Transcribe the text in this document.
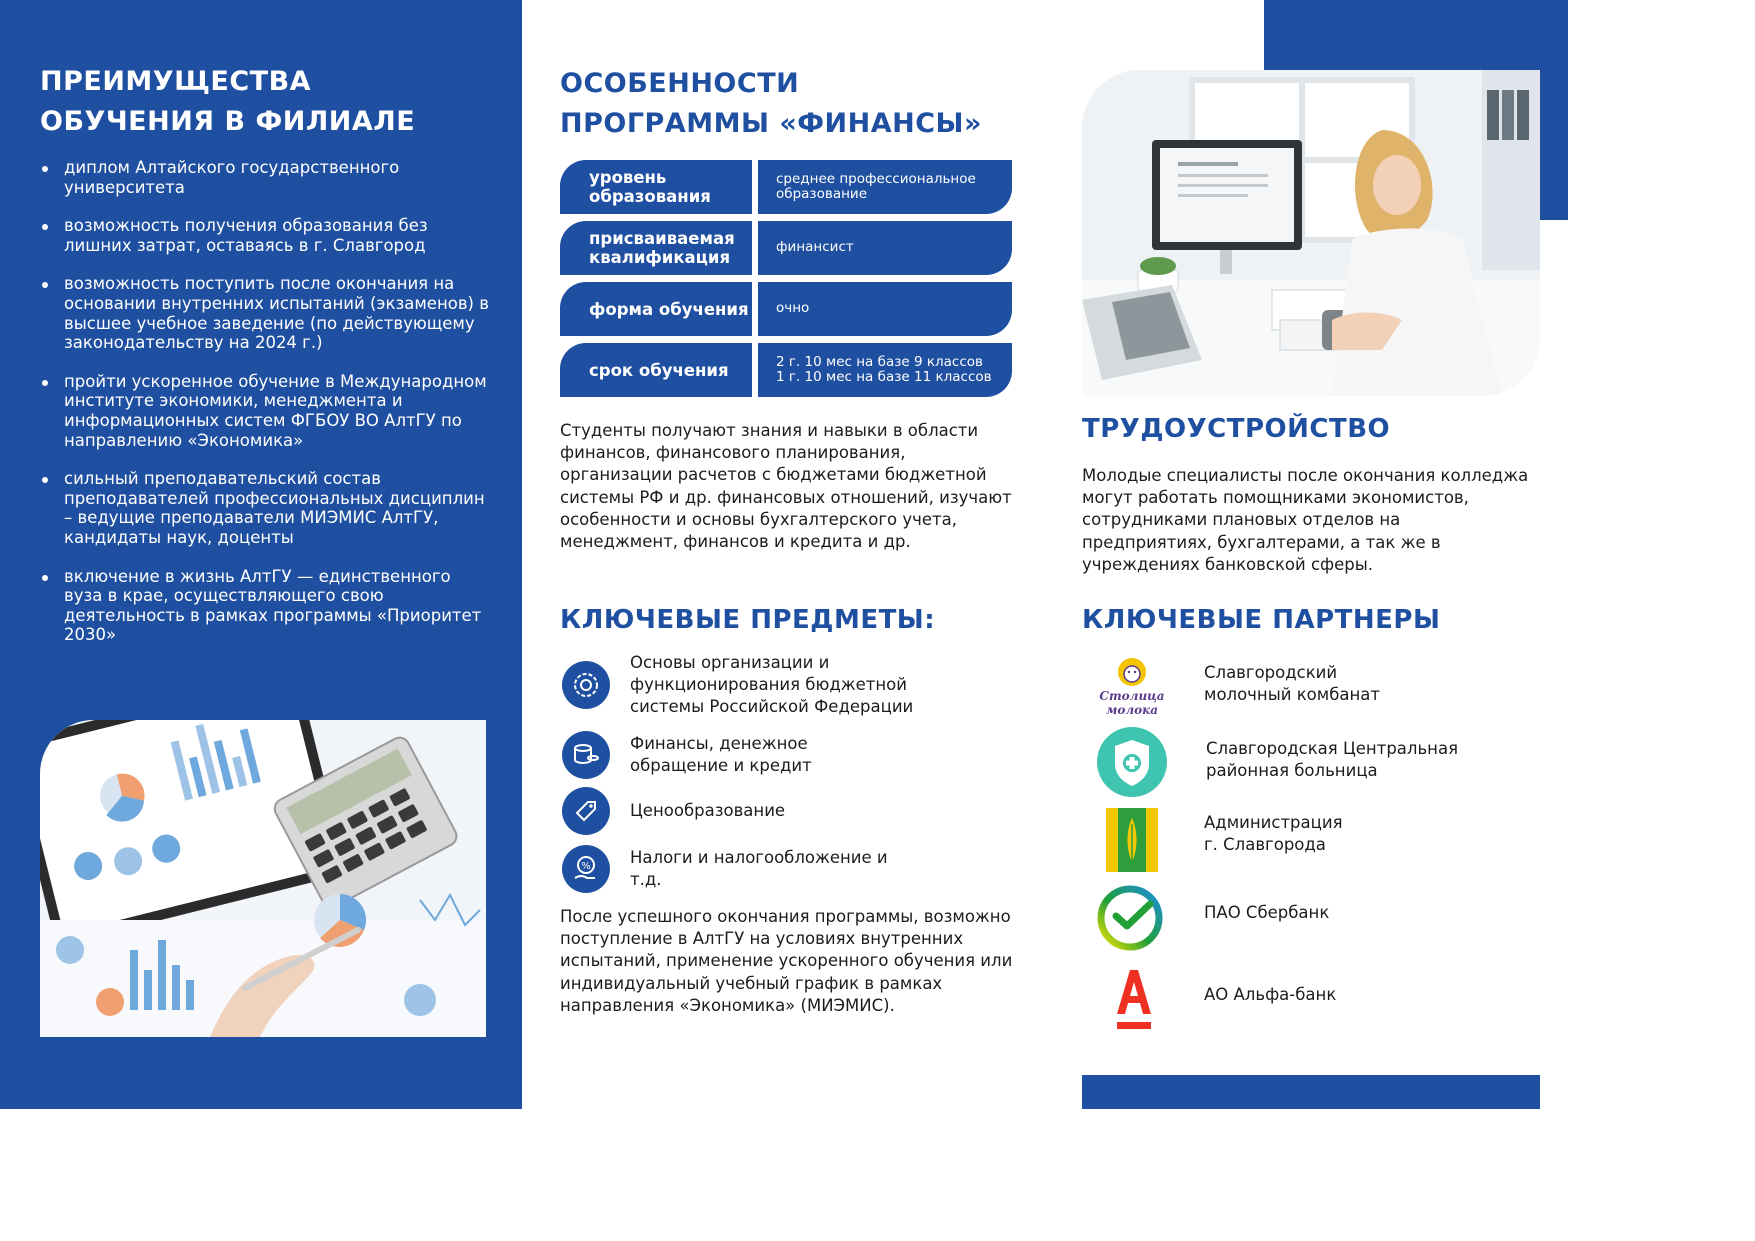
ПРЕИМУЩЕСТВА
ОБУЧЕНИЯ В ФИЛИАЛЕ
диплом Алтайского государственного университета
возможность получения образования без лишних затрат, оставаясь в г. Славгород
возможность поступить после окончания на основании внутренних испытаний (экзаменов) в высшее учебное заведение (по действующему законодательству на 2024 г.)
пройти ускоренное обучение в Международном институте экономики, менеджмента и информационных систем ФГБОУ ВО АлтГУ по направлению «Экономика»
сильный преподавательский состав преподавателей профессиональных дисциплин – ведущие преподаватели МИЭМИС АлтГУ, кандидаты наук, доценты
включение в жизнь АлтГУ — единственного вуза в крае, осуществляющего свою деятельность в рамках программы «Приоритет 2030»
ОСОБЕННОСТИ
ПРОГРАММЫ «ФИНАНСЫ»
уровень образования
среднее профессиональное образование
присваиваемая квалификация
финансист
форма обучения	очно
срок обучения	2 г. 10 мес на базе 9 классов
1 г. 10 мес на базе 11 классов

Студенты получают знания и навыки в области финансов, финансового планирования, организации расчетов с бюджетами бюджетной системы РФ и др. финансовых отношений, изучают особенности и основы бухгалтерского учета, менеджмент, финансов и кредита и др.

КЛЮЧЕВЫЕ ПРЕДМЕТЫ:
Основы организации и функционирования бюджетной системы Российской Федерации
Финансы, денежное обращение и кредит
Ценообразование
% Налоги и налогообложение и т.д.

После успешного окончания программы, возможно поступление в АлтГУ на условиях внутренних испытаний, применение ускоренного обучения или индивидуальный учебный график в рамках направления «Экономика» (МИЭМИС).

ТРУДОУСТРОЙСТВО

Молодые специалисты после окончания колледжа могут работать помощниками экономистов, сотрудниками плановых отделов на предприятиях, бухгалтерами, а так же в учреждениях банковской сферы.

КЛЮЧЕВЫЕ ПАРТНЕРЫ
Столица
молока
Славгородский
молочный комбанат
Славгородская Центральная
районная больница
Администрация
г. Славгорода
ПАО Сбербанк
АО Альфа-банк
